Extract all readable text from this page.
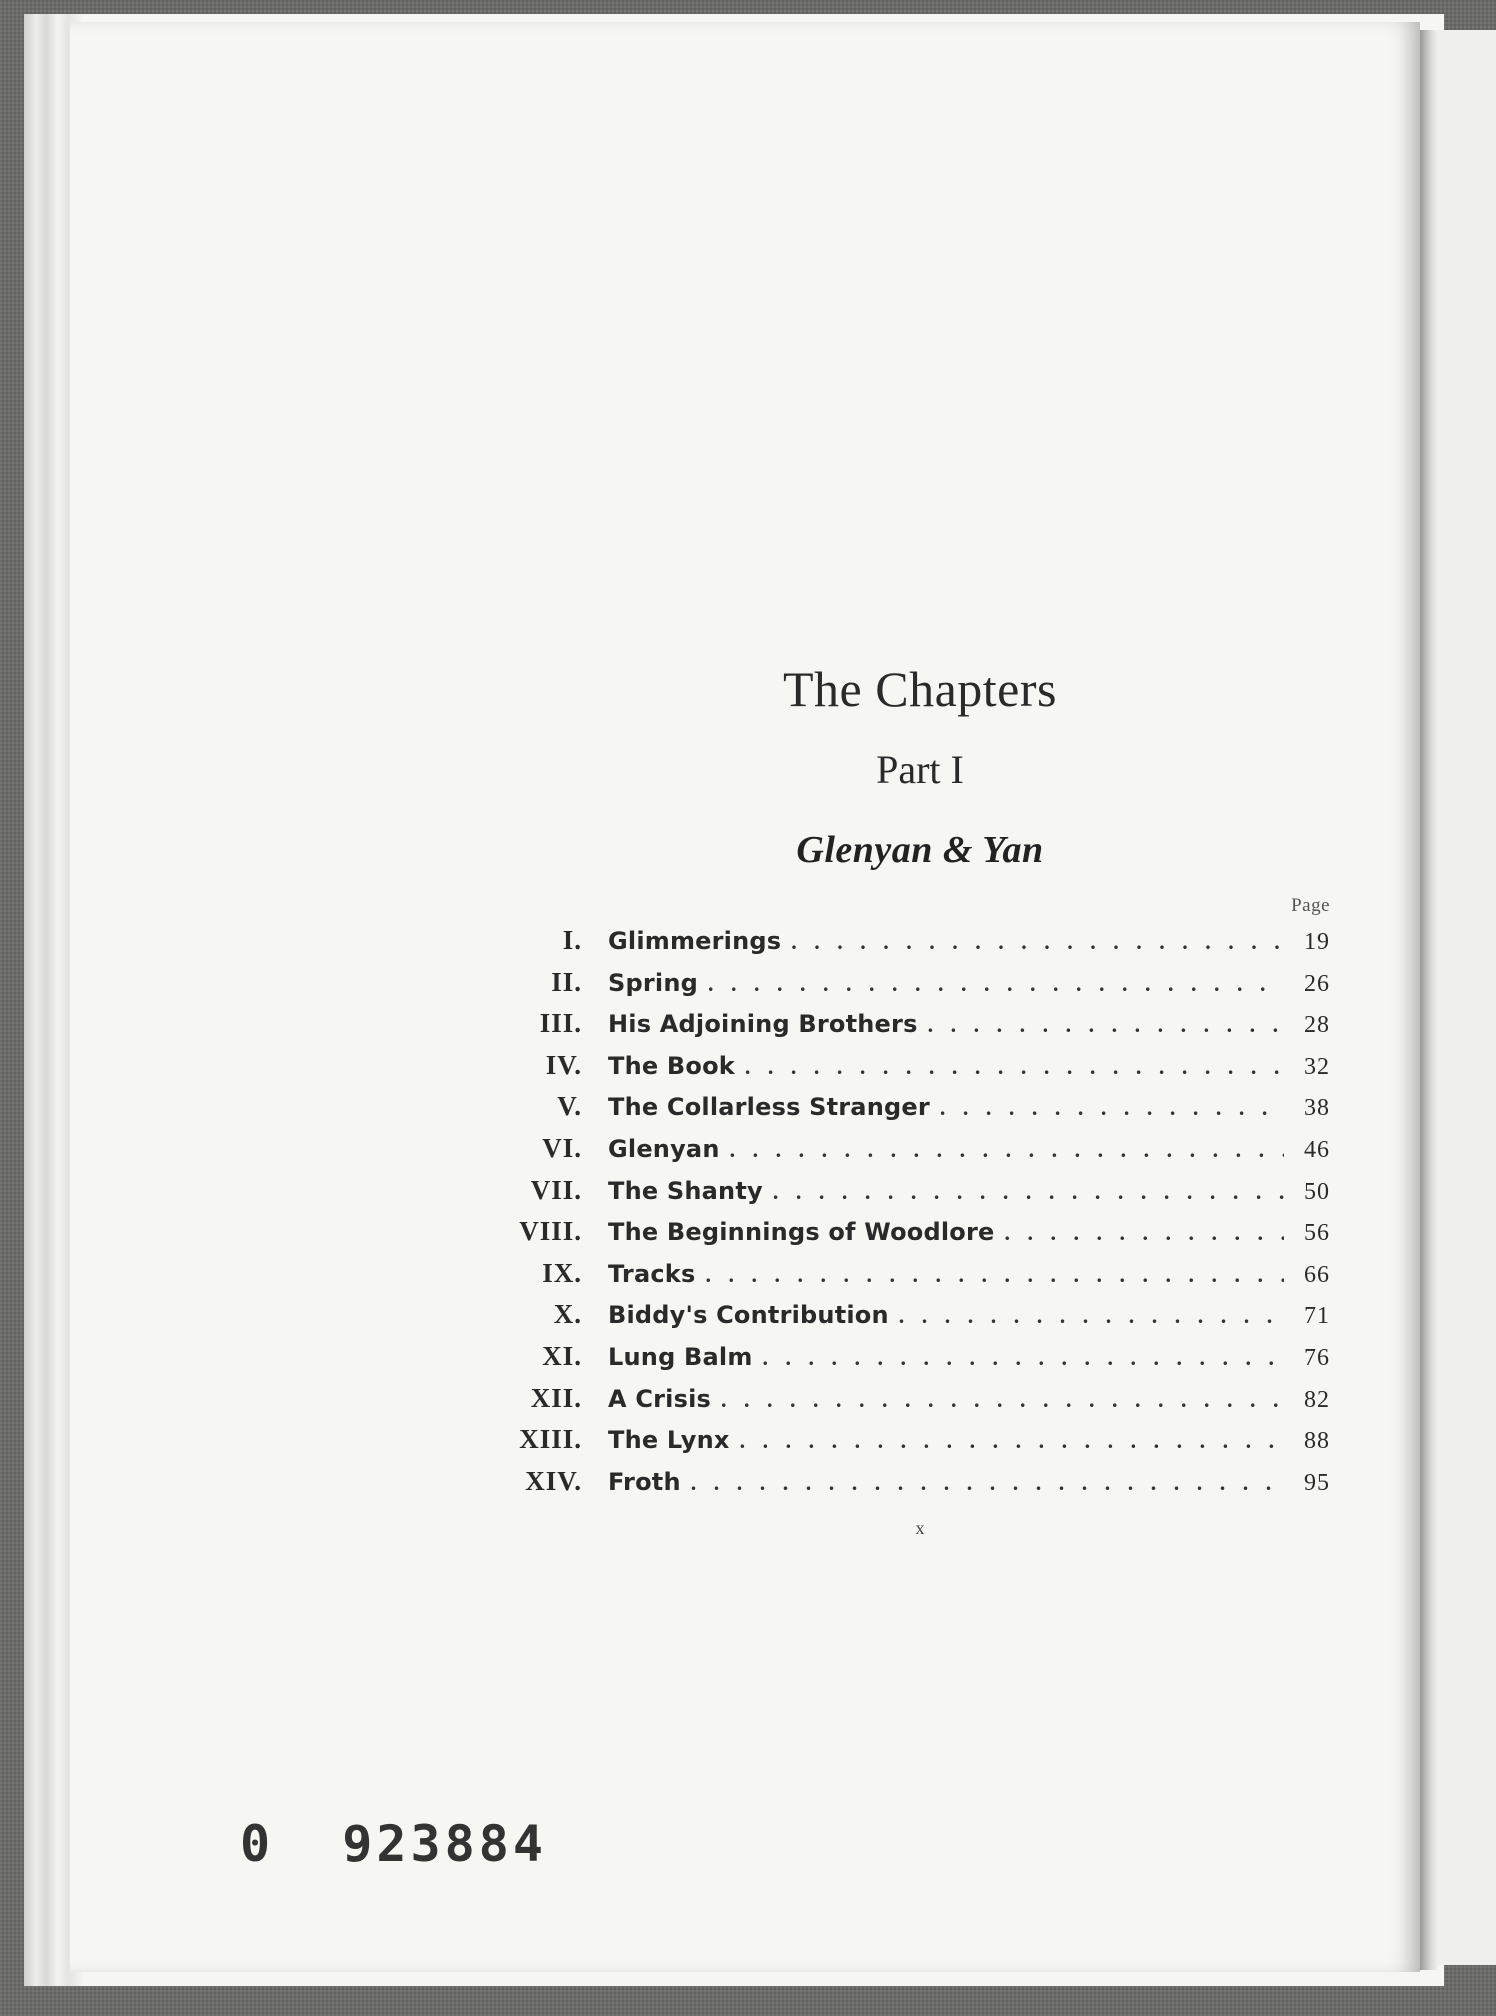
The Chapters
Part I
Glenyan & Yan
Page
I.	Glimmerings . . .	19
II.	Spring . . .	26
III.	His Adjoining Brothers . . .	28
IV.	The Book . . .	32
V.	The Collarless Stranger . . .	38
VI.	Glenyan . . .	46
VII.	The Shanty . . .	50
VIII.	The Beginnings of Woodlore . . .	56
IX.	Tracks . . .	66
X.	Biddy's Contribution . . .	71
XI.	Lung Balm . . .	76
XII.	A Crisis . . .	82
XIII.	The Lynx . . .	88
XIV.	Froth . . .	95
x
0  923884
